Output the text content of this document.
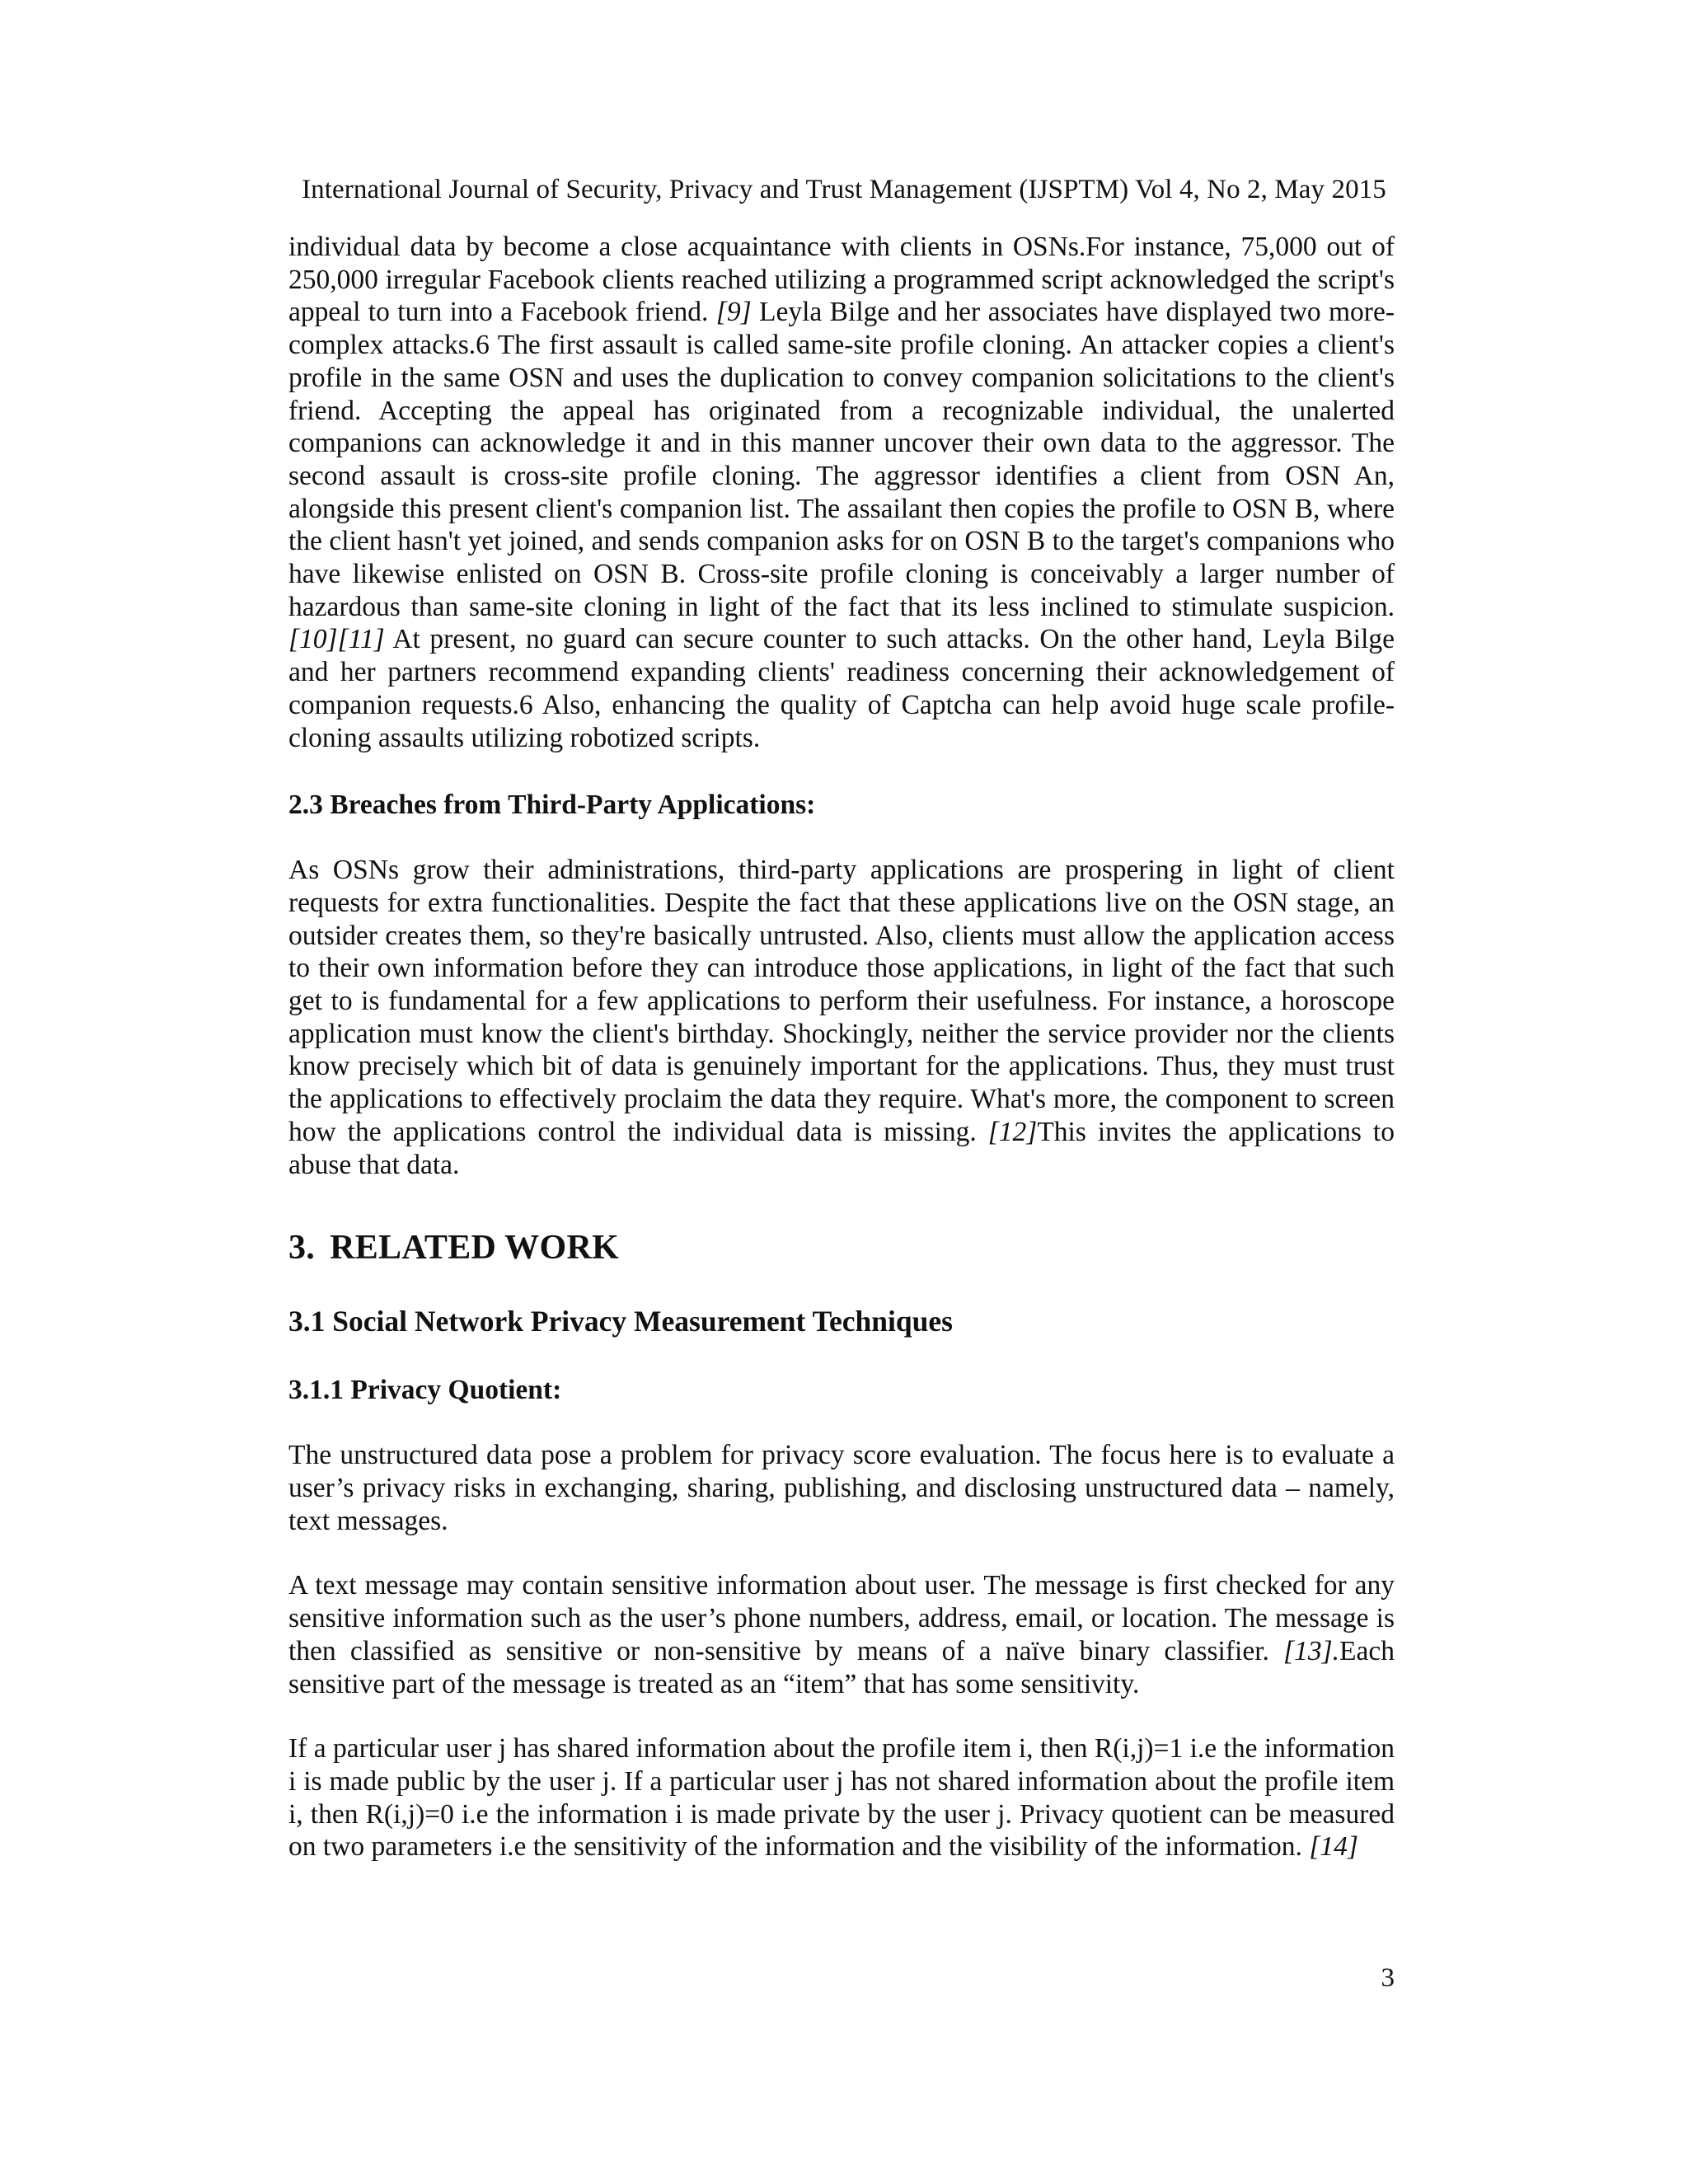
International Journal of Security, Privacy and Trust Management (IJSPTM) Vol 4, No 2, May 2015

individual data by become a close acquaintance with clients in OSNs.For instance, 75,000 out of 250,000 irregular Facebook clients reached utilizing a programmed script acknowledged the script's appeal to turn into a Facebook friend. [9] Leyla Bilge and her associates have displayed two more-complex attacks.6 The first assault is called same-site profile cloning. An attacker copies a client's profile in the same OSN and uses the duplication to convey companion solicitations to the client's friend. Accepting the appeal has originated from a recognizable individual, the unalerted companions can acknowledge it and in this manner uncover their own data to the aggressor. The second assault is cross-site profile cloning. The aggressor identifies a client from OSN An, alongside this present client's companion list. The assailant then copies the profile to OSN B, where the client hasn't yet joined, and sends companion asks for on OSN B to the target's companions who have likewise enlisted on OSN B. Cross-site profile cloning is conceivably a larger number of hazardous than same-site cloning in light of the fact that its less inclined to stimulate suspicion. [10][11] At present, no guard can secure counter to such attacks. On the other hand, Leyla Bilge and her partners recommend expanding clients' readiness concerning their acknowledgement of companion requests.6 Also, enhancing the quality of Captcha can help avoid huge scale profile-cloning assaults utilizing robotized scripts.

2.3 Breaches from Third-Party Applications:

As OSNs grow their administrations, third-party applications are prospering in light of client requests for extra functionalities. Despite the fact that these applications live on the OSN stage, an outsider creates them, so they're basically untrusted. Also, clients must allow the application access to their own information before they can introduce those applications, in light of the fact that such get to is fundamental for a few applications to perform their usefulness. For instance, a horoscope application must know the client's birthday. Shockingly, neither the service provider nor the clients know precisely which bit of data is genuinely important for the applications. Thus, they must trust the applications to effectively proclaim the data they require. What's more, the component to screen how the applications control the individual data is missing. [12]This invites the applications to abuse that data.

3. RELATED WORK
3.1 Social Network Privacy Measurement Techniques
3.1.1 Privacy Quotient:

The unstructured data pose a problem for privacy score evaluation. The focus here is to evaluate a user’s privacy risks in exchanging, sharing, publishing, and disclosing unstructured data – namely, text messages.

A text message may contain sensitive information about user. The message is first checked for any sensitive information such as the user’s phone numbers, address, email, or location. The message is then classified as sensitive or non-sensitive by means of a naïve binary classifier. [13].Each sensitive part of the message is treated as an “item” that has some sensitivity.

If a particular user j has shared information about the profile item i, then R(i,j)=1 i.e the information i is made public by the user j. If a particular user j has not shared information about the profile item i, then R(i,j)=0 i.e the information i is made private by the user j. Privacy quotient can be measured on two parameters i.e the sensitivity of the information and the visibility of the information. [14]

3
